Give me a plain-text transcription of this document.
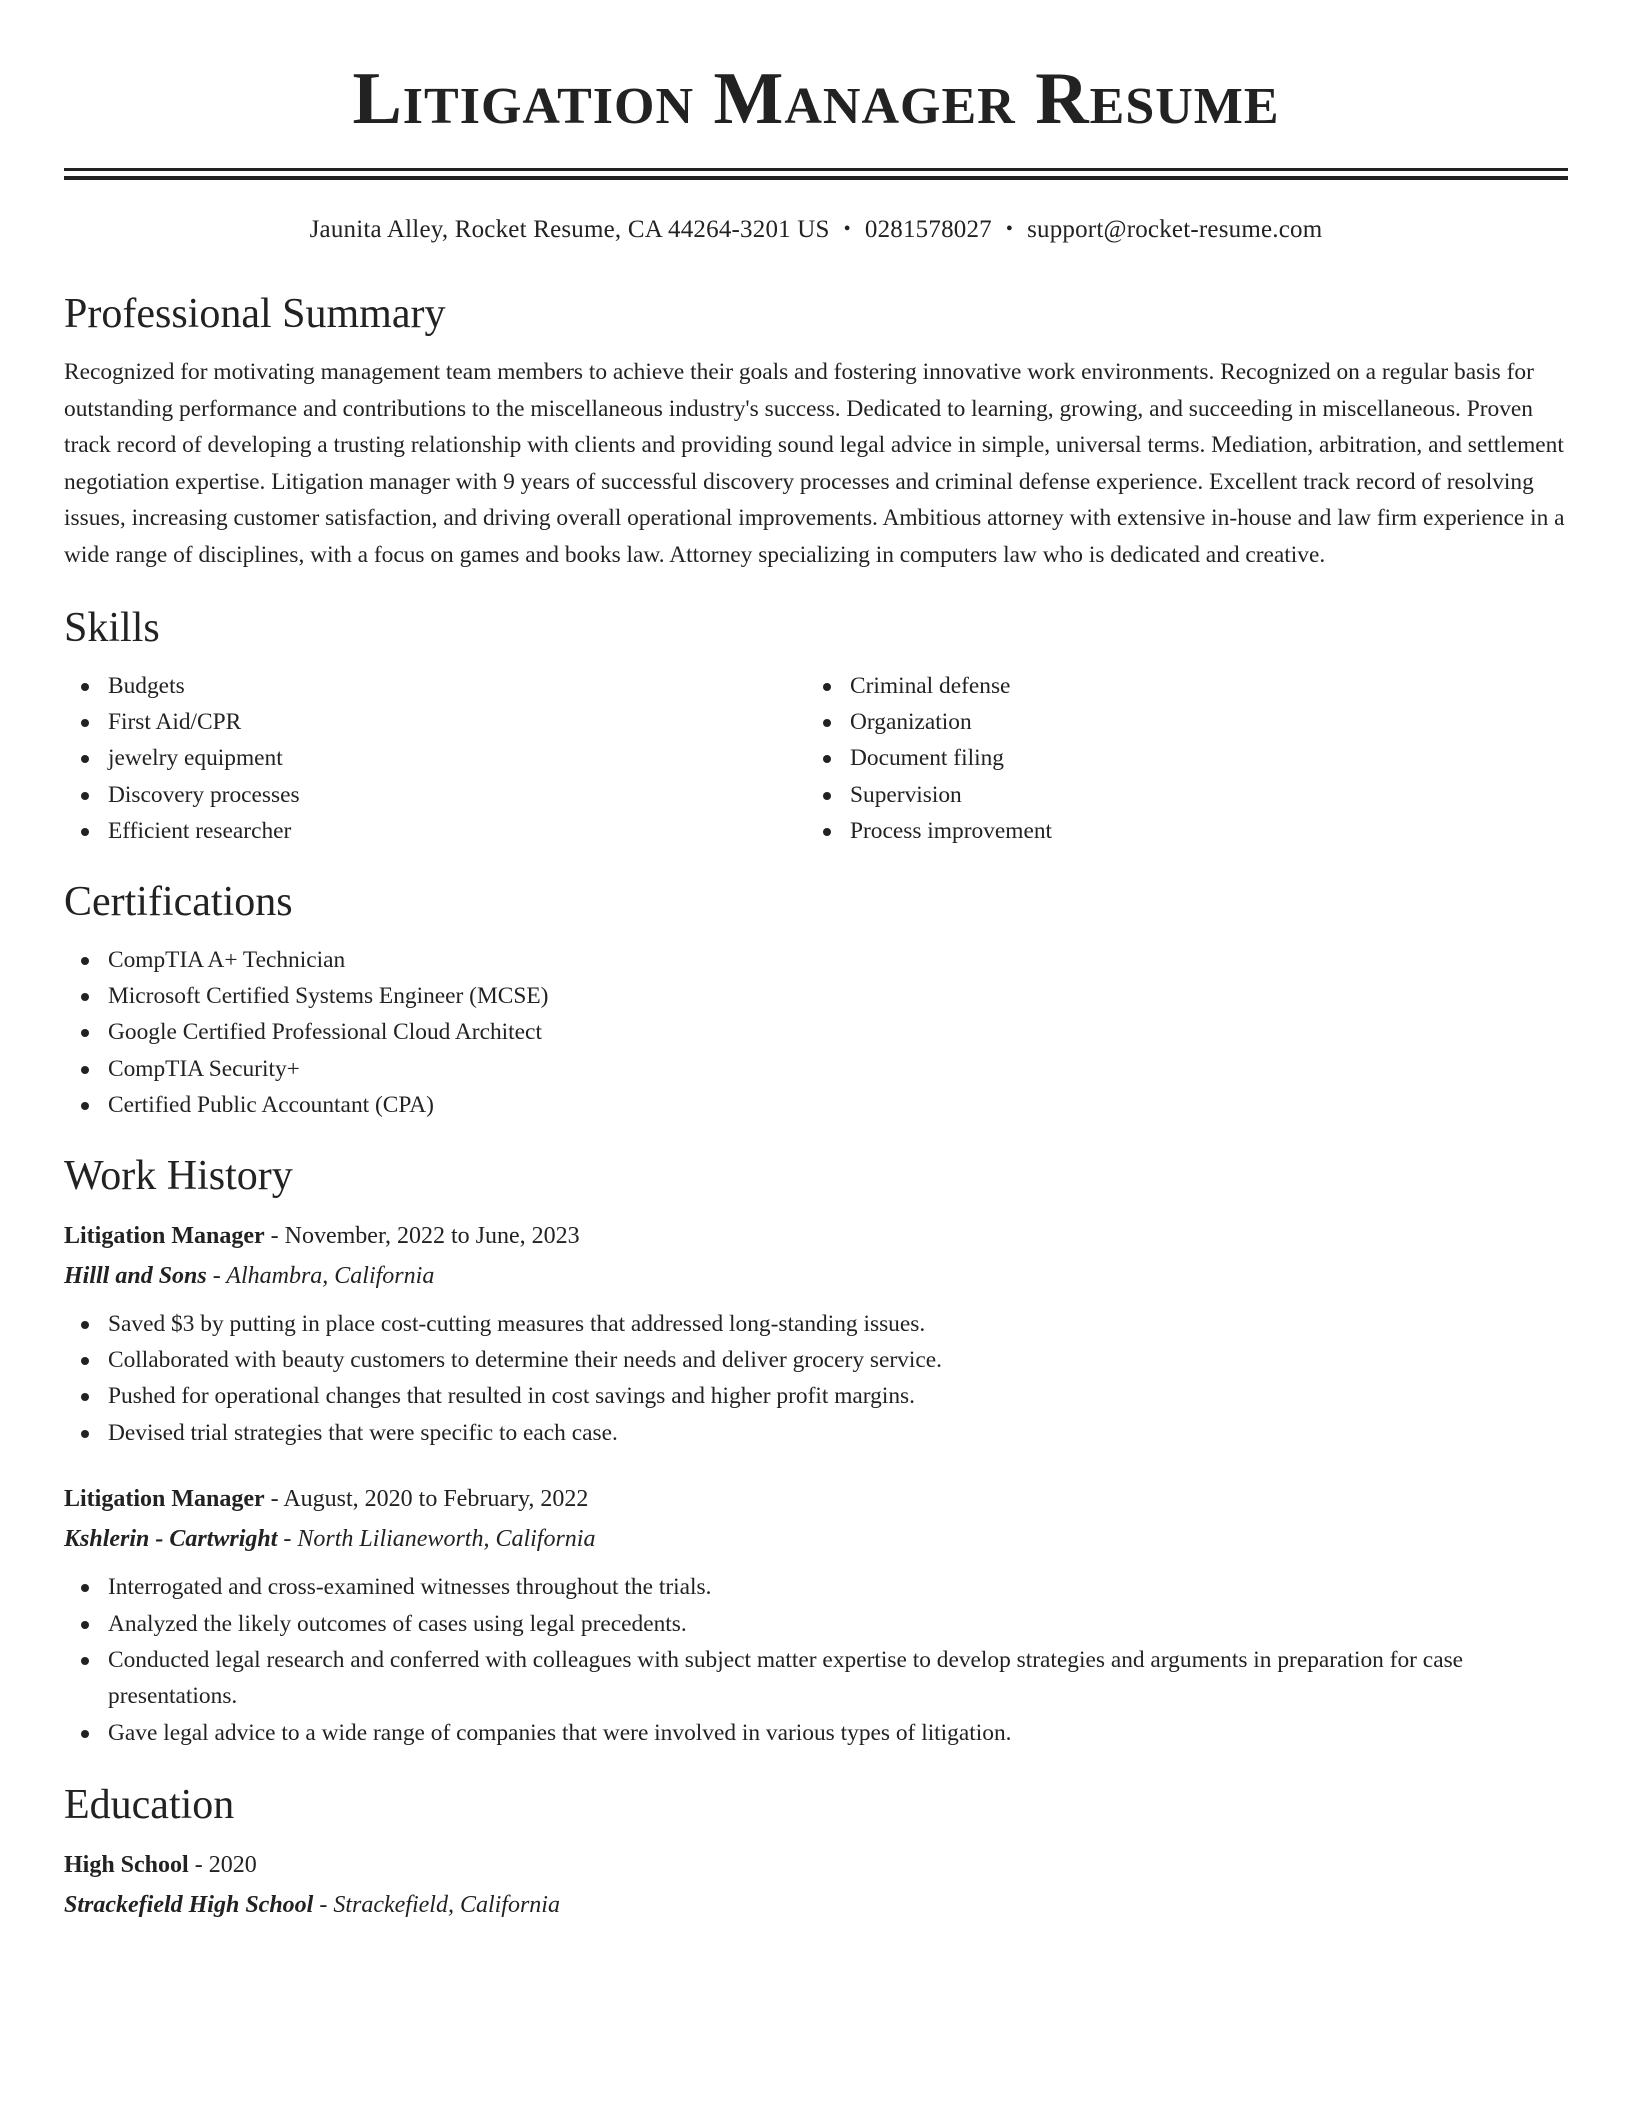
Litigation Manager Resume
Jaunita Alley, Rocket Resume, CA 44264-3201 US • 0281578027 • support@rocket-resume.com
Professional Summary

Recognized for motivating management team members to achieve their goals and fostering innovative work environments. Recognized on a regular basis for outstanding performance and contributions to the miscellaneous industry's success. Dedicated to learning, growing, and succeeding in miscellaneous. Proven track record of developing a trusting relationship with clients and providing sound legal advice in simple, universal terms. Mediation, arbitration, and settlement negotiation expertise. Litigation manager with 9 years of successful discovery processes and criminal defense experience. Excellent track record of resolving issues, increasing customer satisfaction, and driving overall operational improvements. Ambitious attorney with extensive in-house and law firm experience in a wide range of disciplines, with a focus on games and books law. Attorney specializing in computers law who is dedicated and creative.

Skills
Budgets
First Aid/CPR
jewelry equipment
Discovery processes
Efficient researcher
Criminal defense
Organization
Document filing
Supervision
Process improvement
Certifications
CompTIA A+ Technician
Microsoft Certified Systems Engineer (MCSE)
Google Certified Professional Cloud Architect
CompTIA Security+
Certified Public Accountant (CPA)
Work History
Litigation Manager - November, 2022 to June, 2023
Hilll and Sons - Alhambra, California
Saved $3 by putting in place cost-cutting measures that addressed long-standing issues.
Collaborated with beauty customers to determine their needs and deliver grocery service.
Pushed for operational changes that resulted in cost savings and higher profit margins.
Devised trial strategies that were specific to each case.
Litigation Manager - August, 2020 to February, 2022
Kshlerin - Cartwright - North Lilianeworth, California
Interrogated and cross-examined witnesses throughout the trials.
Analyzed the likely outcomes of cases using legal precedents.
Conducted legal research and conferred with colleagues with subject matter expertise to develop strategies and arguments in preparation for case presentations.
Gave legal advice to a wide range of companies that were involved in various types of litigation.
Education
High School - 2020
Strackefield High School - Strackefield, California
